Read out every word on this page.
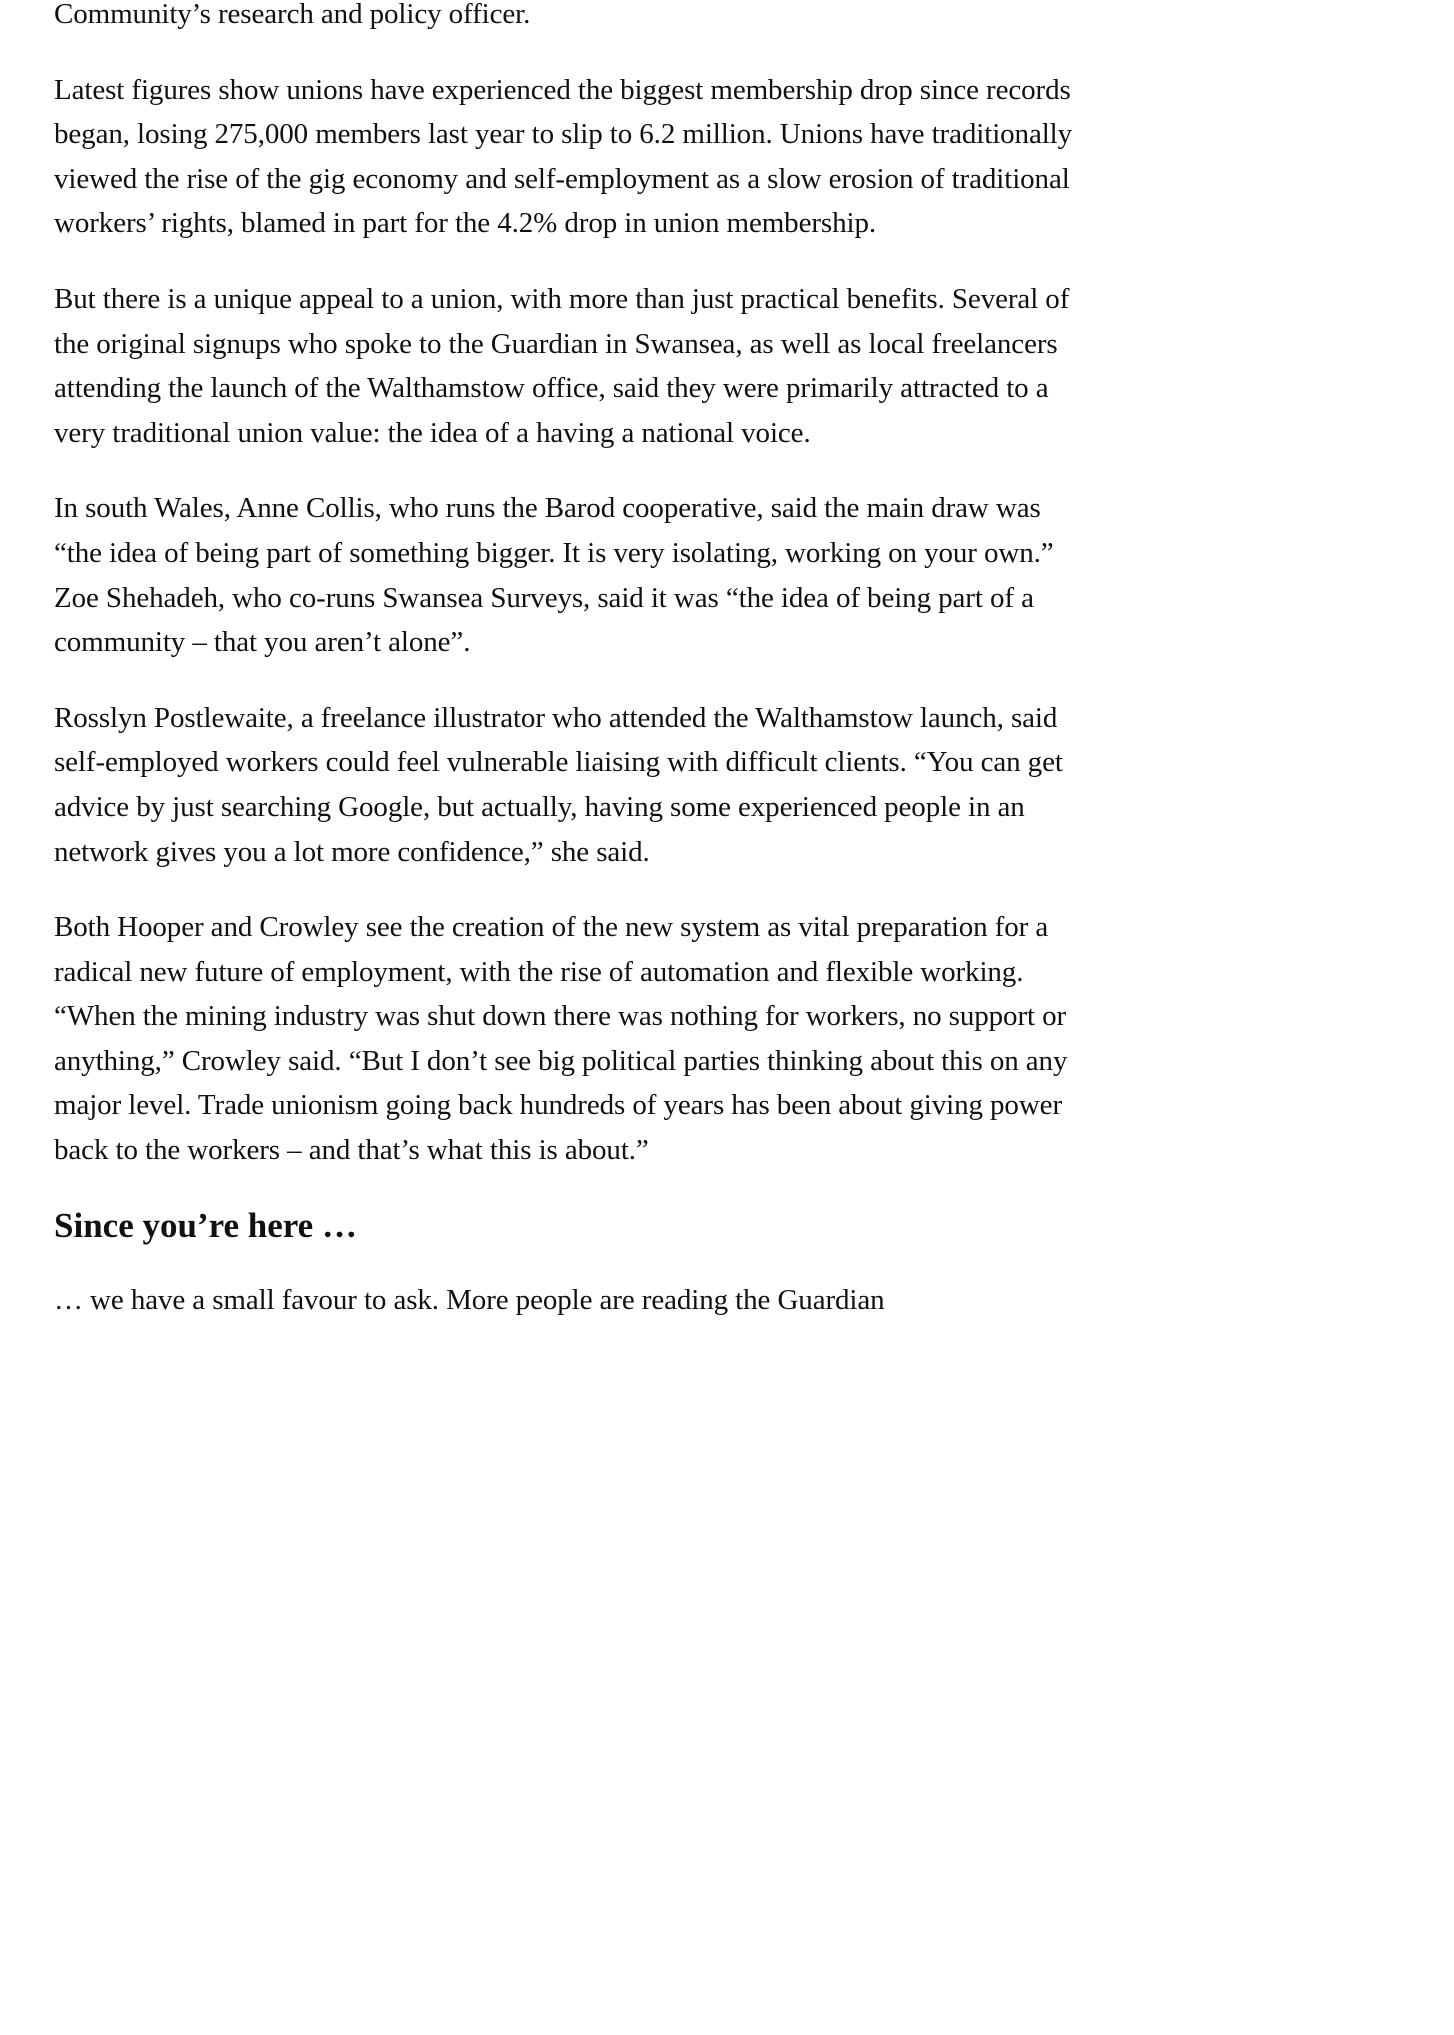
Community’s research and policy officer.

Latest figures show unions have experienced the biggest membership drop since records began, losing 275,000 members last year to slip to 6.2 million. Unions have traditionally viewed the rise of the gig economy and self-employment as a slow erosion of traditional workers’ rights, blamed in part for the 4.2% drop in union membership.

But there is a unique appeal to a union, with more than just practical benefits. Several of the original signups who spoke to the Guardian in Swansea, as well as local freelancers attending the launch of the Walthamstow office, said they were primarily attracted to a very traditional union value: the idea of a having a national voice.

In south Wales, Anne Collis, who runs the Barod cooperative, said the main draw was “the idea of being part of something bigger. It is very isolating, working on your own.” Zoe Shehadeh, who co-runs Swansea Surveys, said it was “the idea of being part of a community – that you aren’t alone”.

Rosslyn Postlewaite, a freelance illustrator who attended the Walthamstow launch, said self-employed workers could feel vulnerable liaising with difficult clients. “You can get advice by just searching Google, but actually, having some experienced people in an network gives you a lot more confidence,” she said.

Both Hooper and Crowley see the creation of the new system as vital preparation for a radical new future of employment, with the rise of automation and flexible working. “When the mining industry was shut down there was nothing for workers, no support or anything,” Crowley said. “But I don’t see big political parties thinking about this on any major level. Trade unionism going back hundreds of years has been about giving power back to the workers – and that’s what this is about.”

Since you’re here …

… we have a small favour to ask. More people are reading the Guardian
